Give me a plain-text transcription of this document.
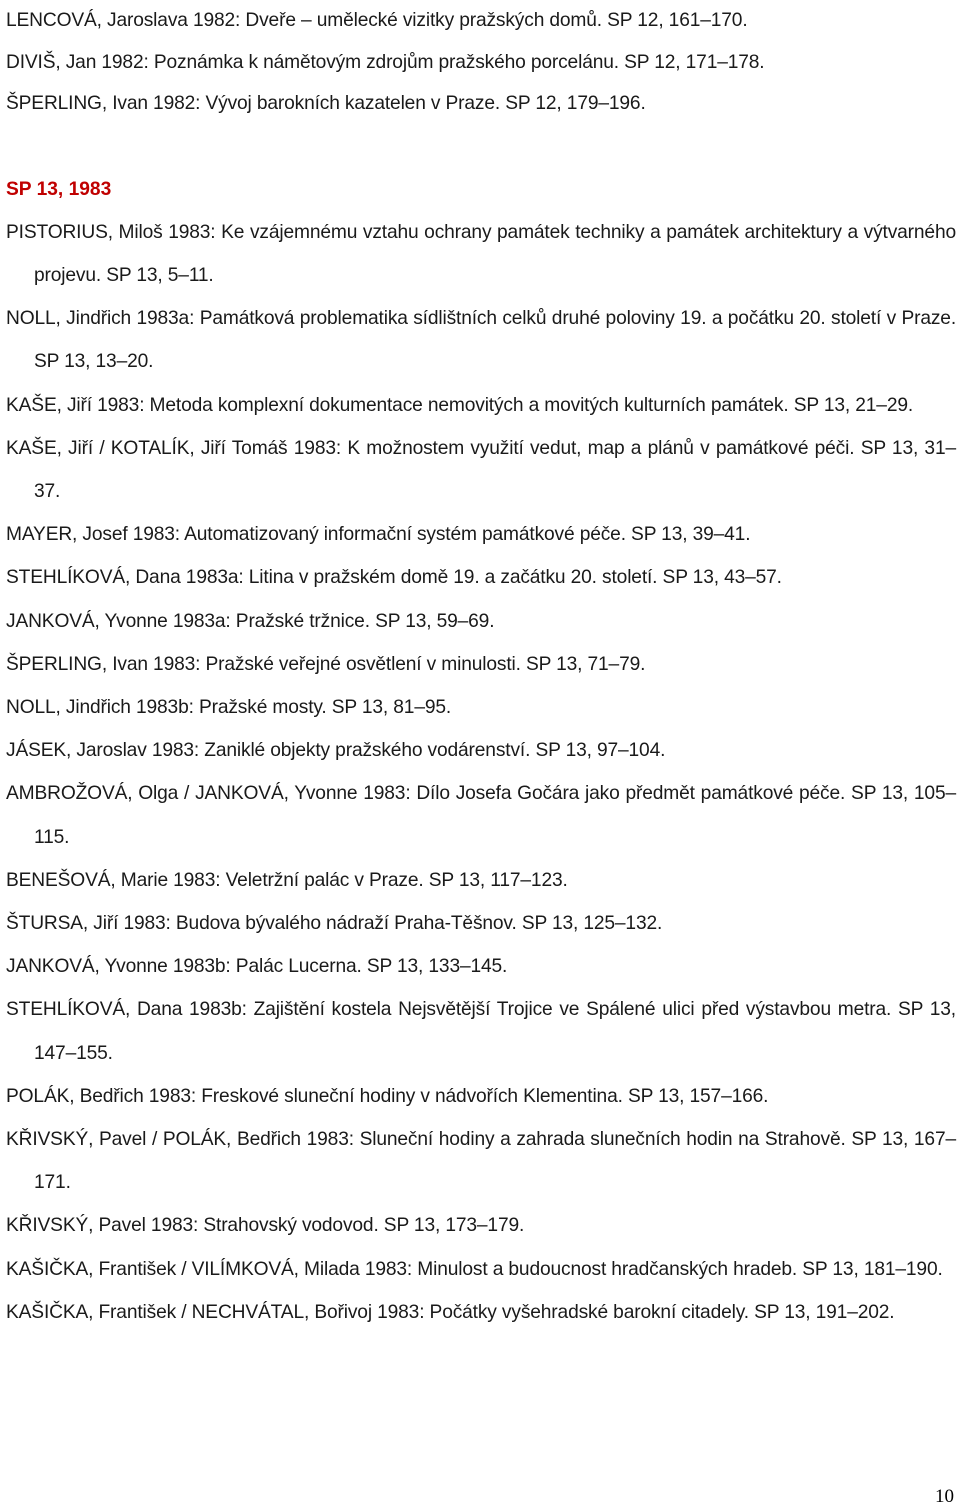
LENCOVÁ, Jaroslava 1982: Dveře – umělecké vizitky pražských domů. SP 12, 161–170.

DIVIŠ, Jan 1982: Poznámka k námětovým zdrojům pražského porcelánu. SP 12, 171–178.

ŠPERLING, Ivan 1982: Vývoj barokních kazatelen v Praze. SP 12, 179–196.

SP 13, 1983

PISTORIUS, Miloš 1983: Ke vzájemnému vztahu ochrany památek techniky a památek architektury a výtvarného projevu. SP 13, 5–11.

NOLL, Jindřich 1983a: Památková problematika sídlištních celků druhé poloviny 19. a počátku 20. století v Praze. SP 13, 13–20.

KAŠE, Jiří 1983: Metoda komplexní dokumentace nemovitých a movitých kulturních památek. SP 13, 21–29.

KAŠE, Jiří / KOTALÍK, Jiří Tomáš 1983: K možnostem využití vedut, map a plánů v památkové péči. SP 13, 31–37.

MAYER, Josef 1983: Automatizovaný informační systém památkové péče. SP 13, 39–41.

STEHLÍKOVÁ, Dana 1983a: Litina v pražském domě 19. a začátku 20. století. SP 13, 43–57.

JANKOVÁ, Yvonne 1983a: Pražské tržnice. SP 13, 59–69.

ŠPERLING, Ivan 1983: Pražské veřejné osvětlení v minulosti. SP 13, 71–79.

NOLL, Jindřich 1983b: Pražské mosty. SP 13, 81–95.

JÁSEK, Jaroslav 1983: Zaniklé objekty pražského vodárenství. SP 13, 97–104.

AMBROŽOVÁ, Olga / JANKOVÁ, Yvonne 1983: Dílo Josefa Gočára jako předmět památkové péče. SP 13, 105–115.

BENEŠOVÁ, Marie 1983: Veletržní palác v Praze. SP 13, 117–123.

ŠTURSA, Jiří 1983: Budova bývalého nádraží Praha-Těšnov. SP 13, 125–132.

JANKOVÁ, Yvonne 1983b: Palác Lucerna. SP 13, 133–145.

STEHLÍKOVÁ, Dana 1983b: Zajištění kostela Nejsvětější Trojice ve Spálené ulici před výstavbou metra. SP 13, 147–155.

POLÁK, Bedřich 1983: Freskové sluneční hodiny v nádvořích Klementina. SP 13, 157–166.

KŘIVSKÝ, Pavel / POLÁK, Bedřich 1983: Sluneční hodiny a zahrada slunečních hodin na Strahově. SP 13, 167–171.

KŘIVSKÝ, Pavel 1983: Strahovský vodovod. SP 13, 173–179.

KAŠIČKA, František / VILÍMKOVÁ, Milada 1983: Minulost a budoucnost hradčanských hradeb. SP 13, 181–190.

KAŠIČKA, František / NECHVÁTAL, Bořivoj 1983: Počátky vyšehradské barokní citadely. SP 13, 191–202.

10
